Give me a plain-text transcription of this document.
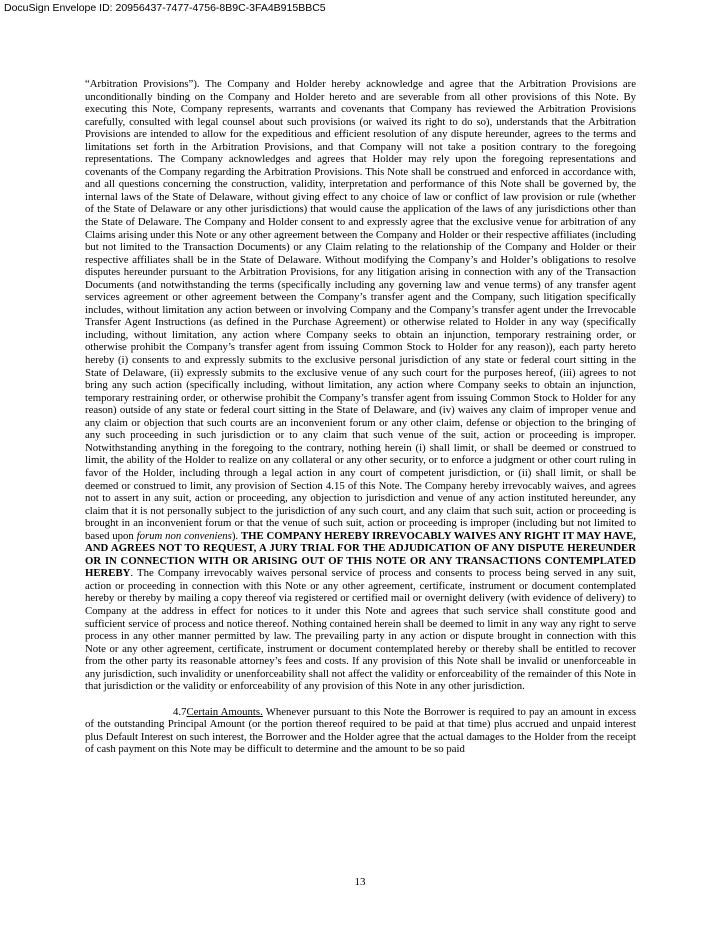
DocuSign Envelope ID: 20956437-7477-4756-8B9C-3FA4B915BBC5

“Arbitration Provisions”). The Company and Holder hereby acknowledge and agree that the Arbitration Provisions are unconditionally binding on the Company and Holder hereto and are severable from all other provisions of this Note. By executing this Note, Company represents, warrants and covenants that Company has reviewed the Arbitration Provisions carefully, consulted with legal counsel about such provisions (or waived its right to do so), understands that the Arbitration Provisions are intended to allow for the expeditious and efficient resolution of any dispute hereunder, agrees to the terms and limitations set forth in the Arbitration Provisions, and that Company will not take a position contrary to the foregoing representations. The Company acknowledges and agrees that Holder may rely upon the foregoing representations and covenants of the Company regarding the Arbitration Provisions. This Note shall be construed and enforced in accordance with, and all questions concerning the construction, validity, interpretation and performance of this Note shall be governed by, the internal laws of the State of Delaware, without giving effect to any choice of law or conflict of law provision or rule (whether of the State of Delaware or any other jurisdictions) that would cause the application of the laws of any jurisdictions other than the State of Delaware. The Company and Holder consent to and expressly agree that the exclusive venue for arbitration of any Claims arising under this Note or any other agreement between the Company and Holder or their respective affiliates (including but not limited to the Transaction Documents) or any Claim relating to the relationship of the Company and Holder or their respective affiliates shall be in the State of Delaware. Without modifying the Company’s and Holder’s obligations to resolve disputes hereunder pursuant to the Arbitration Provisions, for any litigation arising in connection with any of the Transaction Documents (and notwithstanding the terms (specifically including any governing law and venue terms) of any transfer agent services agreement or other agreement between the Company’s transfer agent and the Company, such litigation specifically includes, without limitation any action between or involving Company and the Company’s transfer agent under the Irrevocable Transfer Agent Instructions (as defined in the Purchase Agreement) or otherwise related to Holder in any way (specifically including, without limitation, any action where Company seeks to obtain an injunction, temporary restraining order, or otherwise prohibit the Company’s transfer agent from issuing Common Stock to Holder for any reason)), each party hereto hereby (i) consents to and expressly submits to the exclusive personal jurisdiction of any state or federal court sitting in the State of Delaware, (ii) expressly submits to the exclusive venue of any such court for the purposes hereof, (iii) agrees to not bring any such action (specifically including, without limitation, any action where Company seeks to obtain an injunction, temporary restraining order, or otherwise prohibit the Company’s transfer agent from issuing Common Stock to Holder for any reason) outside of any state or federal court sitting in the State of Delaware, and (iv) waives any claim of improper venue and any claim or objection that such courts are an inconvenient forum or any other claim, defense or objection to the bringing of any such proceeding in such jurisdiction or to any claim that such venue of the suit, action or proceeding is improper. Notwithstanding anything in the foregoing to the contrary, nothing herein (i) shall limit, or shall be deemed or construed to limit, the ability of the Holder to realize on any collateral or any other security, or to enforce a judgment or other court ruling in favor of the Holder, including through a legal action in any court of competent jurisdiction, or (ii) shall limit, or shall be deemed or construed to limit, any provision of Section 4.15 of this Note. The Company hereby irrevocably waives, and agrees not to assert in any suit, action or proceeding, any objection to jurisdiction and venue of any action instituted hereunder, any claim that it is not personally subject to the jurisdiction of any such court, and any claim that such suit, action or proceeding is brought in an inconvenient forum or that the venue of such suit, action or proceeding is improper (including but not limited to based upon forum non conveniens). THE COMPANY HEREBY IRREVOCABLY WAIVES ANY RIGHT IT MAY HAVE, AND AGREES NOT TO REQUEST, A JURY TRIAL FOR THE ADJUDICATION OF ANY DISPUTE HEREUNDER OR IN CONNECTION WITH OR ARISING OUT OF THIS NOTE OR ANY TRANSACTIONS CONTEMPLATED HEREBY. The Company irrevocably waives personal service of process and consents to process being served in any suit, action or proceeding in connection with this Note or any other agreement, certificate, instrument or document contemplated hereby or thereby by mailing a copy thereof via registered or certified mail or overnight delivery (with evidence of delivery) to Company at the address in effect for notices to it under this Note and agrees that such service shall constitute good and sufficient service of process and notice thereof. Nothing contained herein shall be deemed to limit in any way any right to serve process in any other manner permitted by law. The prevailing party in any action or dispute brought in connection with this Note or any other agreement, certificate, instrument or document contemplated hereby or thereby shall be entitled to recover from the other party its reasonable attorney’s fees and costs. If any provision of this Note shall be invalid or unenforceable in any jurisdiction, such invalidity or unenforceability shall not affect the validity or enforceability of the remainder of this Note in that jurisdiction or the validity or enforceability of any provision of this Note in any other jurisdiction.

4.7Certain Amounts. Whenever pursuant to this Note the Borrower is required to pay an amount in excess of the outstanding Principal Amount (or the portion thereof required to be paid at that time) plus accrued and unpaid interest plus Default Interest on such interest, the Borrower and the Holder agree that the actual damages to the Holder from the receipt of cash payment on this Note may be difficult to determine and the amount to be so paid

13
